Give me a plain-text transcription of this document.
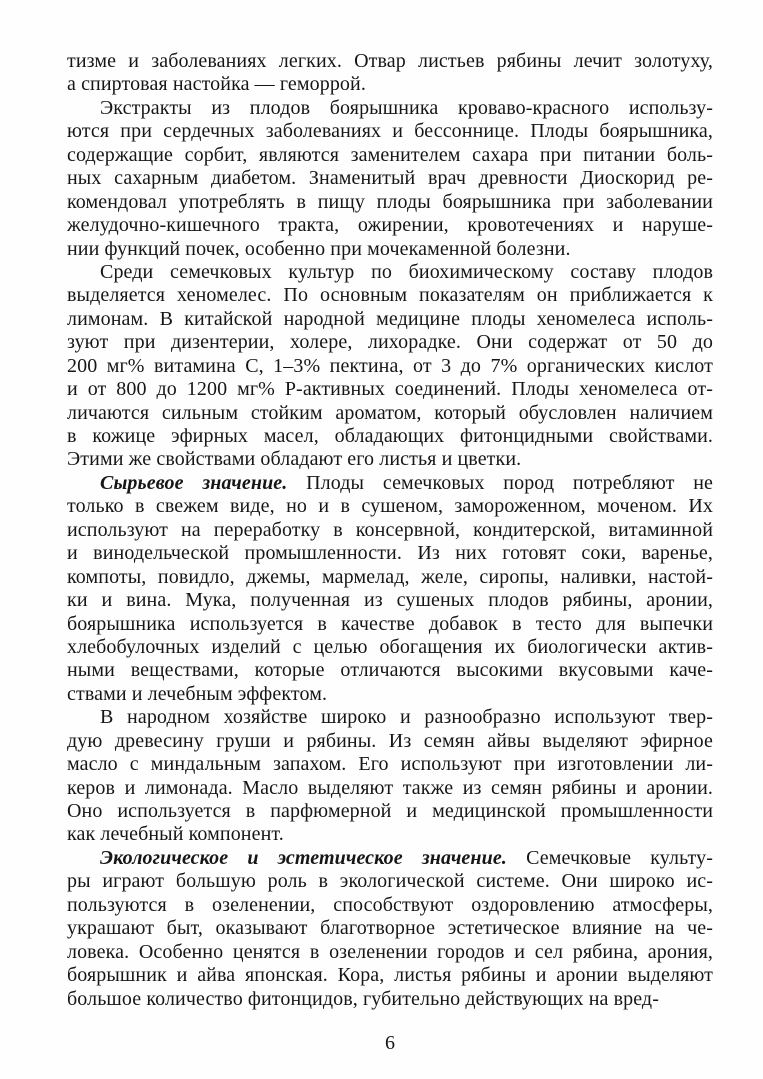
тизме и заболеваниях легких. Отвар листьев рябины лечит золотуху,
а спиртовая настойка — геморрой.
Экстракты из плодов боярышника кроваво-красного использу-
ются при сердечных заболеваниях и бессоннице. Плоды боярышника,
содержащие сорбит, являются заменителем сахара при питании боль-
ных сахарным диабетом. Знаменитый врач древности Диоскорид ре-
комендовал употреблять в пищу плоды боярышника при заболевании
желудочно-кишечного тракта, ожирении, кровотечениях и наруше-
нии функций почек, особенно при мочекаменной болезни.
Среди семечковых культур по биохимическому составу плодов
выделяется хеномелес. По основным показателям он приближается к
лимонам. В китайской народной медицине плоды хеномелеса исполь-
зуют при дизентерии, холере, лихорадке. Они содержат от 50 до
200 мг% витамина С, 1–3% пектина, от 3 до 7% органических кислот
и от 800 до 1200 мг% Р-активных соединений. Плоды хеномелеса от-
личаются сильным стойким ароматом, который обусловлен наличием
в кожице эфирных масел, обладающих фитонцидными свойствами.
Этими же свойствами обладают его листья и цветки.
Сырьевое значение. Плоды семечковых пород потребляют не
только в свежем виде, но и в сушеном, замороженном, моченом. Их
используют на переработку в консервной, кондитерской, витаминной
и винодельческой промышленности. Из них готовят соки, варенье,
компоты, повидло, джемы, мармелад, желе, сиропы, наливки, настой-
ки и вина. Мука, полученная из сушеных плодов рябины, аронии,
боярышника используется в качестве добавок в тесто для выпечки
хлебобулочных изделий с целью обогащения их биологически актив-
ными веществами, которые отличаются высокими вкусовыми каче-
ствами и лечебным эффектом.
В народном хозяйстве широко и разнообразно используют твер-
дую древесину груши и рябины. Из семян айвы выделяют эфирное
масло с миндальным запахом. Его используют при изготовлении ли-
керов и лимонада. Масло выделяют также из семян рябины и аронии.
Оно используется в парфюмерной и медицинской промышленности
как лечебный компонент.
Экологическое и эстетическое значение. Семечковые культу-
ры играют большую роль в экологической системе. Они широко ис-
пользуются в озеленении, способствуют оздоровлению атмосферы,
украшают быт, оказывают благотворное эстетическое влияние на че-
ловека. Особенно ценятся в озеленении городов и сел рябина, арония,
боярышник и айва японская. Кора, листья рябины и аронии выделяют
большое количество фитонцидов, губительно действующих на вред-
6
